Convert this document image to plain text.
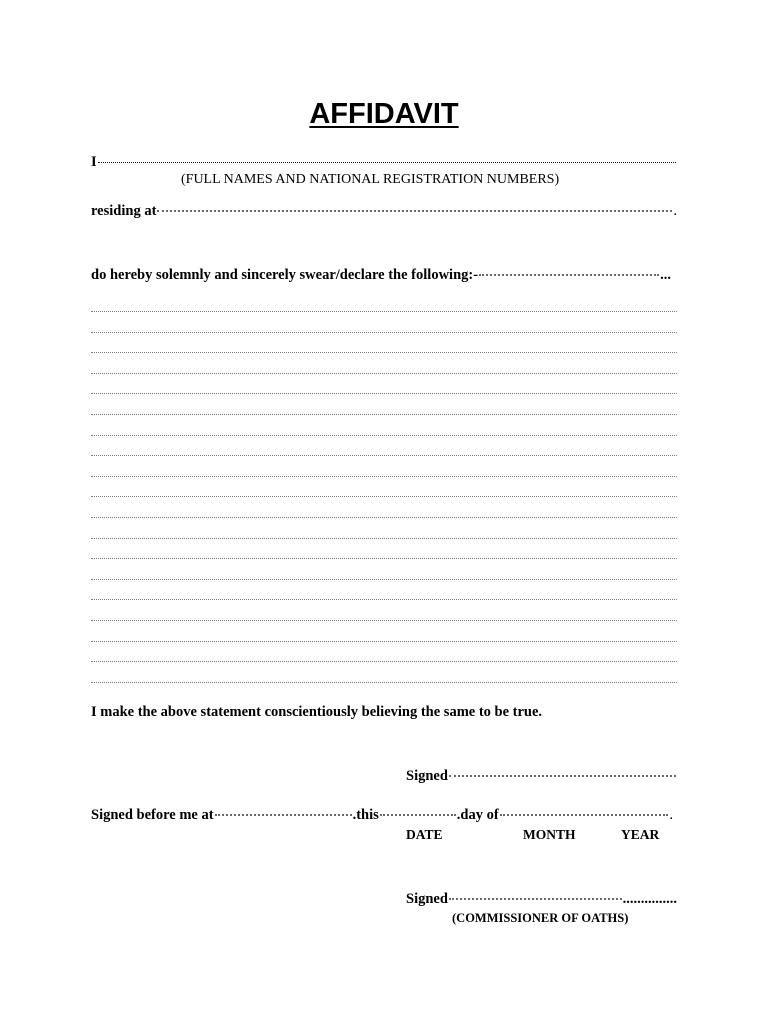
AFFIDAVIT
I
(FULL NAMES AND NATIONAL REGISTRATION NUMBERS)
residing at	.
do hereby solemnly and sincerely swear/declare the following:-	...
I make the above statement conscientiously believing the same to be true.
Signed
Signed before me at	.this	.day of	.
DATE	MONTH	YEAR
Signed	...............
(COMMISSIONER OF OATHS)
